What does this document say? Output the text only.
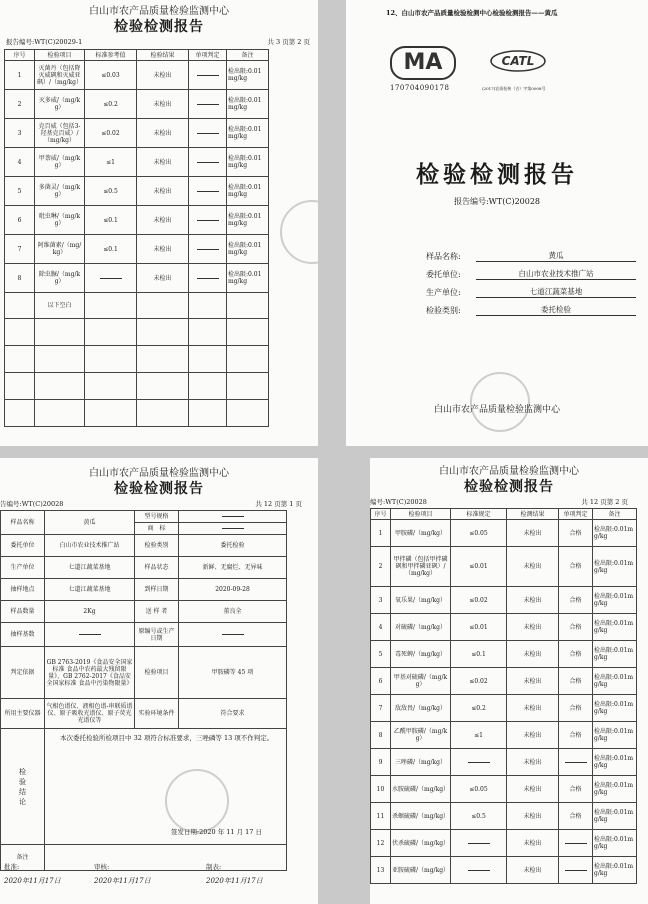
白山市农产品质量检验监测中心
检验检测报告
报告编号:WT(C)20029-1	共 3 页第 2 页
序号	检验项目	标准参考值	检验结果	单项判定	备注
1	灭菌丹（包括降灭威砜和灭威亚砜）/（mg/kg）	≤0.03	未检出		检出限:0.01mg/kg
2	灭多威/（mg/kg）	≤0.2	未检出		检出限:0.01mg/kg
3	克百威（包括3-羟基克百威）/（mg/kg）	≤0.02	未检出		检出限:0.01mg/kg
4	甲萘威/（mg/kg）	≤1	未检出		检出限:0.01mg/kg
5	多菌灵/（mg/kg）	≤0.5	未检出		检出限:0.01mg/kg
6	吡虫啉/（mg/kg）	≤0.1	未检出		检出限:0.01mg/kg
7	阿维菌素/（mg/kg）	≤0.1	未检出		检出限:0.01mg/kg
8	除虫脲/（mg/kg）		未检出		检出限:0.01mg/kg
	以下空白				

12、白山市农产品质量检验检测中心检验检测报告——黄瓜
MA
170704090178
CATL
(2017)农质检核（吉）字第0008号
检验检测报告
报告编号:WT(C)20028
样品名称:	黄瓜
委托单位:	白山市农业技术推广站
生产单位:	七道江蔬菜基地
检验类别:	委托检验
白山市农产品质量检验监测中心
白山市农产品质量检验监测中心
检验检测报告
告编号:WT(C)20028	共 12 页第 1 页
样品名称	黄瓜	型号规格	
		商　标	
委托单位	白山市农业技术推广站	检验类别	委托检验
生产单位	七道江蔬菜基地	样品状态	新鲜、无腐烂、无异味
抽样地点	七道江蔬菜基地	到样日期	2020-09-28
样品数量	2Kg	送 样 者	董良全
抽样基数		原编号或生产日期	
判定依据	GB 2763-2019《食品安全国家标准 食品中农药最大残留限量》、GB 2762-2017《食品安全国家标准 食品中污染物限量》	检验项目	甲胺磷等 45 项
所用主要仪器	气相色谱仪、液相色谱-串联质谱仪、原子吸收光谱仪、原子荧光光谱仪等	实验环境条件	符合要求

检验结论	本次委托检验所检项目中 32 项符合标准要求，三唑磷等 13 项不作判定。
签发日期:2020 年 11 月 17 日		

备注			
批准:
2020年11月17日
审核:
2020年11月17日
制表:
2020年11月17日
白山市农产品质量检验监测中心
检验检测报告
编号:WT(C)20028	共 12 页第 2 页
序号	检验项目	标准规定	检测结果	单项判定	备注
1	甲胺磷/（mg/kg）	≤0.05	未检出	合格	检出限:0.01mg/kg
2	甲拌磷（包括甲拌磷砜和甲拌磷亚砜）/（mg/kg）	≤0.01	未检出	合格	检出限:0.01mg/kg
3	氧乐果/（mg/kg）	≤0.02	未检出	合格	检出限:0.01mg/kg
4	对硫磷/（mg/kg）	≤0.01	未检出	合格	检出限:0.01mg/kg
5	毒死蜱/（mg/kg）	≤0.1	未检出	合格	检出限:0.01mg/kg
6	甲基对硫磷/（mg/kg）	≤0.02	未检出	合格	检出限:0.01mg/kg
7	敌敌畏/（mg/kg）	≤0.2	未检出	合格	检出限:0.01mg/kg
8	乙酰甲胺磷/（mg/kg）	≤1	未检出	合格	检出限:0.01mg/kg
9	三唑磷/（mg/kg）		未检出		检出限:0.01mg/kg
10	水胺硫磷/（mg/kg）	≤0.05	未检出	合格	检出限:0.01mg/kg
11	杀螟硫磷/（mg/kg）	≤0.5	未检出	合格	检出限:0.01mg/kg
12	伏杀硫磷/（mg/kg）		未检出		检出限:0.01mg/kg
13	亚胺硫磷/（mg/kg）		未检出		检出限:0.01mg/kg
